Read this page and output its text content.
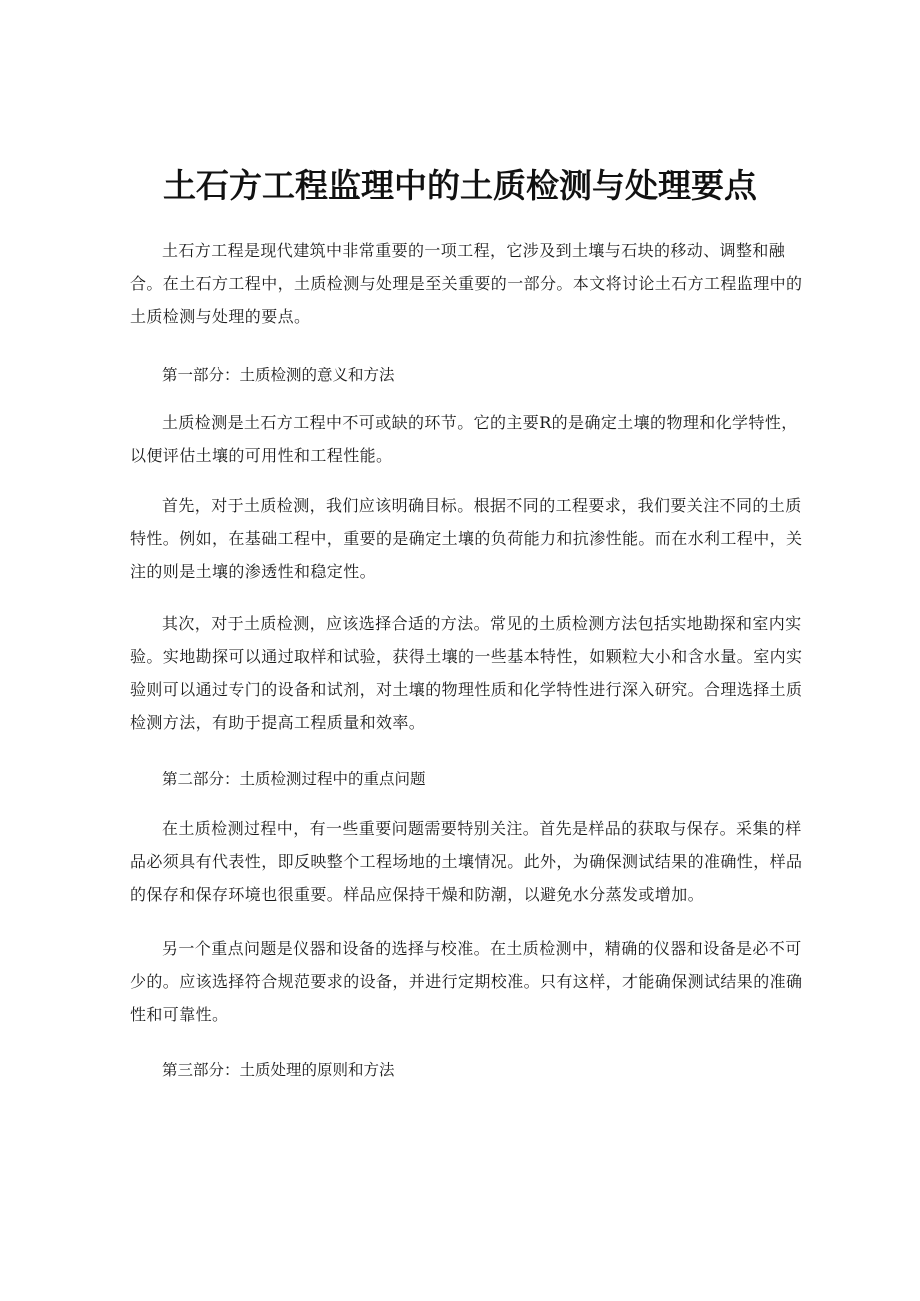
土石方工程监理中的土质检测与处理要点

土石方工程是现代建筑中非常重要的一项工程，它涉及到土壤与石块的移动、调整和融合。在土石方工程中，土质检测与处理是至关重要的一部分。本文将讨论土石方工程监理中的土质检测与处理的要点。

第一部分：土质检测的意义和方法

土质检测是土石方工程中不可或缺的环节。它的主要R的是确定土壤的物理和化学特性，以便评估土壤的可用性和工程性能。

首先，对于土质检测，我们应该明确目标。根据不同的工程要求，我们要关注不同的土质特性。例如，在基础工程中，重要的是确定土壤的负荷能力和抗渗性能。而在水利工程中，关注的则是土壤的渗透性和稳定性。

其次，对于土质检测，应该选择合适的方法。常见的土质检测方法包括实地勘探和室内实验。实地勘探可以通过取样和试验，获得土壤的一些基本特性，如颗粒大小和含水量。室内实验则可以通过专门的设备和试剂，对土壤的物理性质和化学特性进行深入研究。合理选择土质检测方法，有助于提高工程质量和效率。

第二部分：土质检测过程中的重点问题

在土质检测过程中，有一些重要问题需要特别关注。首先是样品的获取与保存。采集的样品必须具有代表性，即反映整个工程场地的土壤情况。此外，为确保测试结果的准确性，样品的保存和保存环境也很重要。样品应保持干燥和防潮，以避免水分蒸发或增加。

另一个重点问题是仪器和设备的选择与校准。在土质检测中，精确的仪器和设备是必不可少的。应该选择符合规范要求的设备，并进行定期校准。只有这样，才能确保测试结果的准确性和可靠性。

第三部分：土质处理的原则和方法
